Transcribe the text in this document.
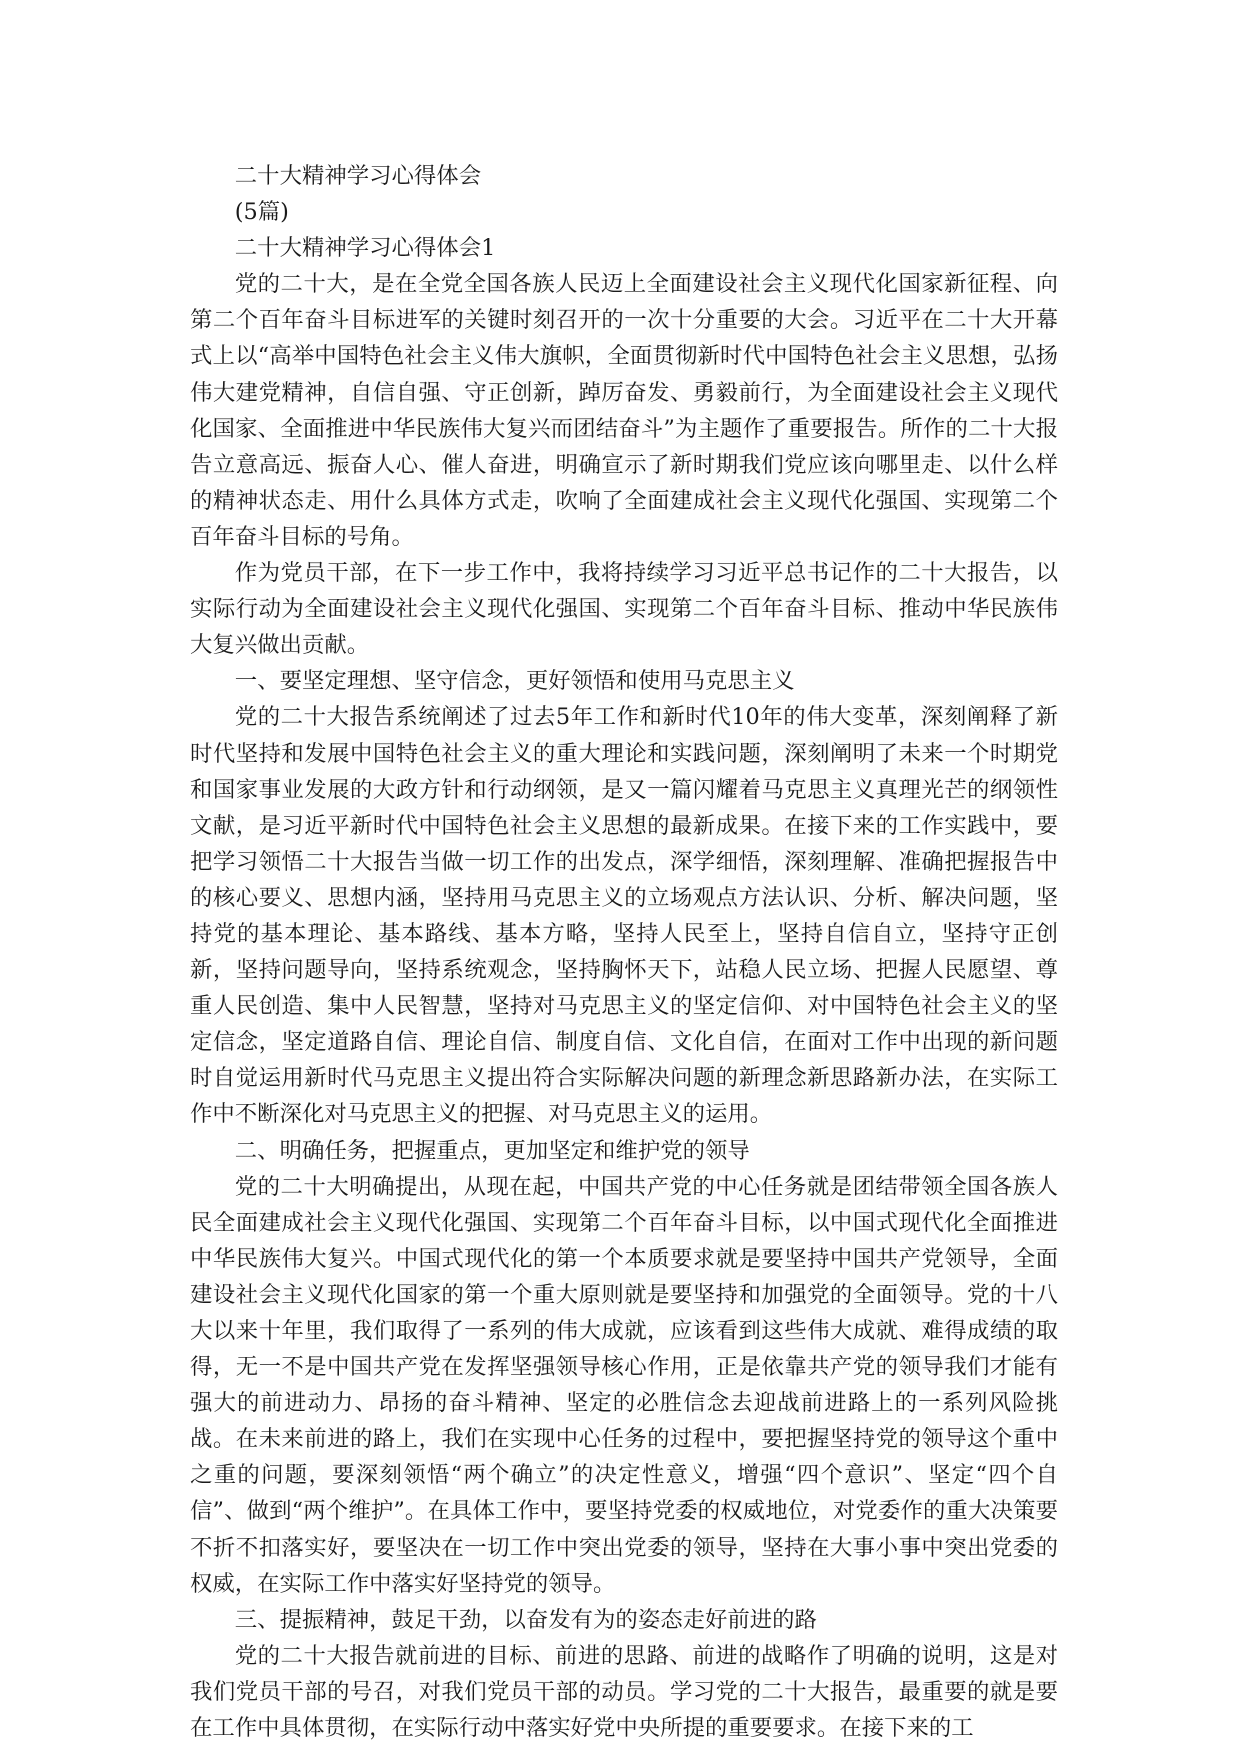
二十大精神学习心得体会

(5篇)

二十大精神学习心得体会1

党的二十大，是在全党全国各族人民迈上全面建设社会主义现代化国家新征程、向第二个百年奋斗目标进军的关键时刻召开的一次十分重要的大会。习近平在二十大开幕式上以“高举中国特色社会主义伟大旗帜，全面贯彻新时代中国特色社会主义思想，弘扬伟大建党精神，自信自强、守正创新，踔厉奋发、勇毅前行，为全面建设社会主义现代化国家、全面推进中华民族伟大复兴而团结奋斗”为主题作了重要报告。所作的二十大报告立意高远、振奋人心、催人奋进，明确宣示了新时期我们党应该向哪里走、以什么样的精神状态走、用什么具体方式走，吹响了全面建成社会主义现代化强国、实现第二个百年奋斗目标的号角。

作为党员干部，在下一步工作中，我将持续学习习近平总书记作的二十大报告，以实际行动为全面建设社会主义现代化强国、实现第二个百年奋斗目标、推动中华民族伟大复兴做出贡献。

一、要坚定理想、坚守信念，更好领悟和使用马克思主义

党的二十大报告系统阐述了过去5年工作和新时代10年的伟大变革，深刻阐释了新时代坚持和发展中国特色社会主义的重大理论和实践问题，深刻阐明了未来一个时期党和国家事业发展的大政方针和行动纲领，是又一篇闪耀着马克思主义真理光芒的纲领性文献，是习近平新时代中国特色社会主义思想的最新成果。在接下来的工作实践中，要把学习领悟二十大报告当做一切工作的出发点，深学细悟，深刻理解、准确把握报告中的核心要义、思想内涵，坚持用马克思主义的立场观点方法认识、分析、解决问题，坚持党的基本理论、基本路线、基本方略，坚持人民至上，坚持自信自立，坚持守正创新，坚持问题导向，坚持系统观念，坚持胸怀天下，站稳人民立场、把握人民愿望、尊重人民创造、集中人民智慧，坚持对马克思主义的坚定信仰、对中国特色社会主义的坚定信念，坚定道路自信、理论自信、制度自信、文化自信，在面对工作中出现的新问题时自觉运用新时代马克思主义提出符合实际解决问题的新理念新思路新办法，在实际工作中不断深化对马克思主义的把握、对马克思主义的运用。

二、明确任务，把握重点，更加坚定和维护党的领导

党的二十大明确提出，从现在起，中国共产党的中心任务就是团结带领全国各族人民全面建成社会主义现代化强国、实现第二个百年奋斗目标，以中国式现代化全面推进中华民族伟大复兴。中国式现代化的第一个本质要求就是要坚持中国共产党领导，全面建设社会主义现代化国家的第一个重大原则就是要坚持和加强党的全面领导。党的十八大以来十年里，我们取得了一系列的伟大成就，应该看到这些伟大成就、难得成绩的取得，无一不是中国共产党在发挥坚强领导核心作用，正是依靠共产党的领导我们才能有强大的前进动力、昂扬的奋斗精神、坚定的必胜信念去迎战前进路上的一系列风险挑战。在未来前进的路上，我们在实现中心任务的过程中，要把握坚持党的领导这个重中之重的问题，要深刻领悟“两个确立”的决定性意义，增强“四个意识”、坚定“四个自信”、做到“两个维护”。在具体工作中，要坚持党委的权威地位，对党委作的重大决策要不折不扣落实好，要坚决在一切工作中突出党委的领导，坚持在大事小事中突出党委的权威，在实际工作中落实好坚持党的领导。

三、提振精神，鼓足干劲，以奋发有为的姿态走好前进的路

党的二十大报告就前进的目标、前进的思路、前进的战略作了明确的说明，这是对我们党员干部的号召，对我们党员干部的动员。学习党的二十大报告，最重要的就是要在工作中具体贯彻，在实际行动中落实好党中央所提的重要要求。在接下来的工
